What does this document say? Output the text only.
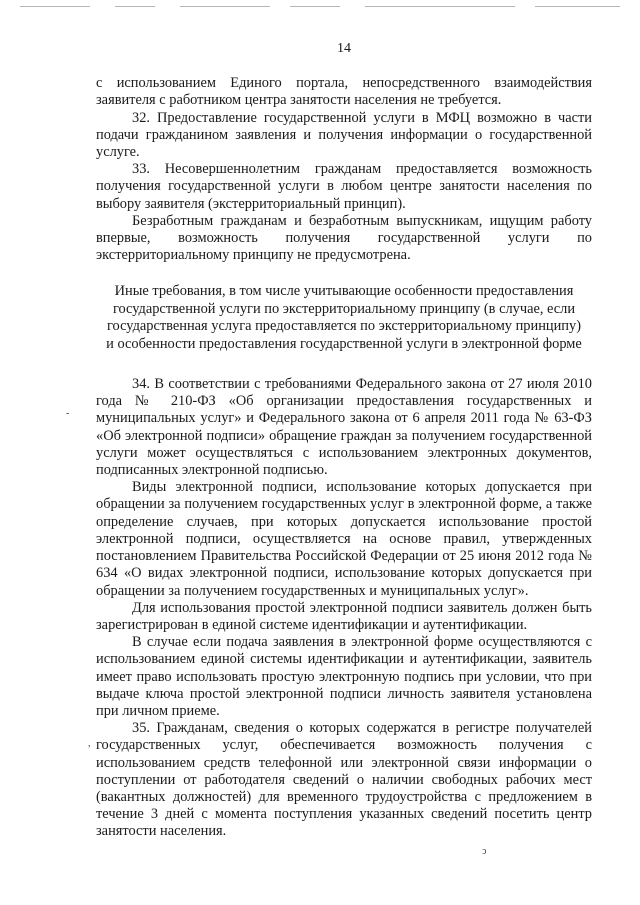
14

с использованием Единого портала, непосредственного взаимодействия заявителя с работником центра занятости населения не требуется.

32. Предоставление государственной услуги в МФЦ возможно в части подачи гражданином заявления и получения информации о государственной услуге.

33. Несовершеннолетним гражданам предоставляется возможность получения государственной услуги в любом центре занятости населения по выбору заявителя (экстерриториальный принцип).

Безработным гражданам и безработным выпускникам, ищущим работу впервые, возможность получения государственной услуги по экстерриториальному принципу не предусмотрена.

Иные требования, в том числе учитывающие особенности предоставления
государственной услуги по экстерриториальному принципу (в случае, если
государственная услуга предоставляется по экстерриториальному принципу)
и особенности предоставления государственной услуги в электронной форме

34. В соответствии с требованиями Федерального закона от 27 июля 2010 года № 210-ФЗ «Об организации предоставления государственных и муниципальных услуг» и Федерального закона от 6 апреля 2011 года № 63-ФЗ «Об электронной подписи» обращение граждан за получением государственной услуги может осуществляться с использованием электронных документов, подписанных электронной подписью.

Виды электронной подписи, использование которых допускается при обращении за получением государственных услуг в электронной форме, а также определение случаев, при которых допускается использование простой электронной подписи, осуществляется на основе правил, утвержденных постановлением Правительства Российской Федерации от 25 июня 2012 года № 634 «О видах электронной подписи, использование которых допускается при обращении за получением государственных и муниципальных услуг».

Для использования простой электронной подписи заявитель должен быть зарегистрирован в единой системе идентификации и аутентификации.

В случае если подача заявления в электронной форме осуществляются с использованием единой системы идентификации и аутентификации, заявитель имеет право использовать простую электронную подпись при условии, что при выдаче ключа простой электронной подписи личность заявителя установлена при личном приеме.

35. Гражданам, сведения о которых содержатся в регистре получателей государственных услуг, обеспечивается возможность получения с использованием средств телефонной или электронной связи информации о поступлении от работодателя сведений о наличии свободных рабочих мест (вакантных должностей) для временного трудоустройства с предложением в течение 3 дней с момента поступления указанных сведений посетить центр занятости населения.

-
,
ↄ
